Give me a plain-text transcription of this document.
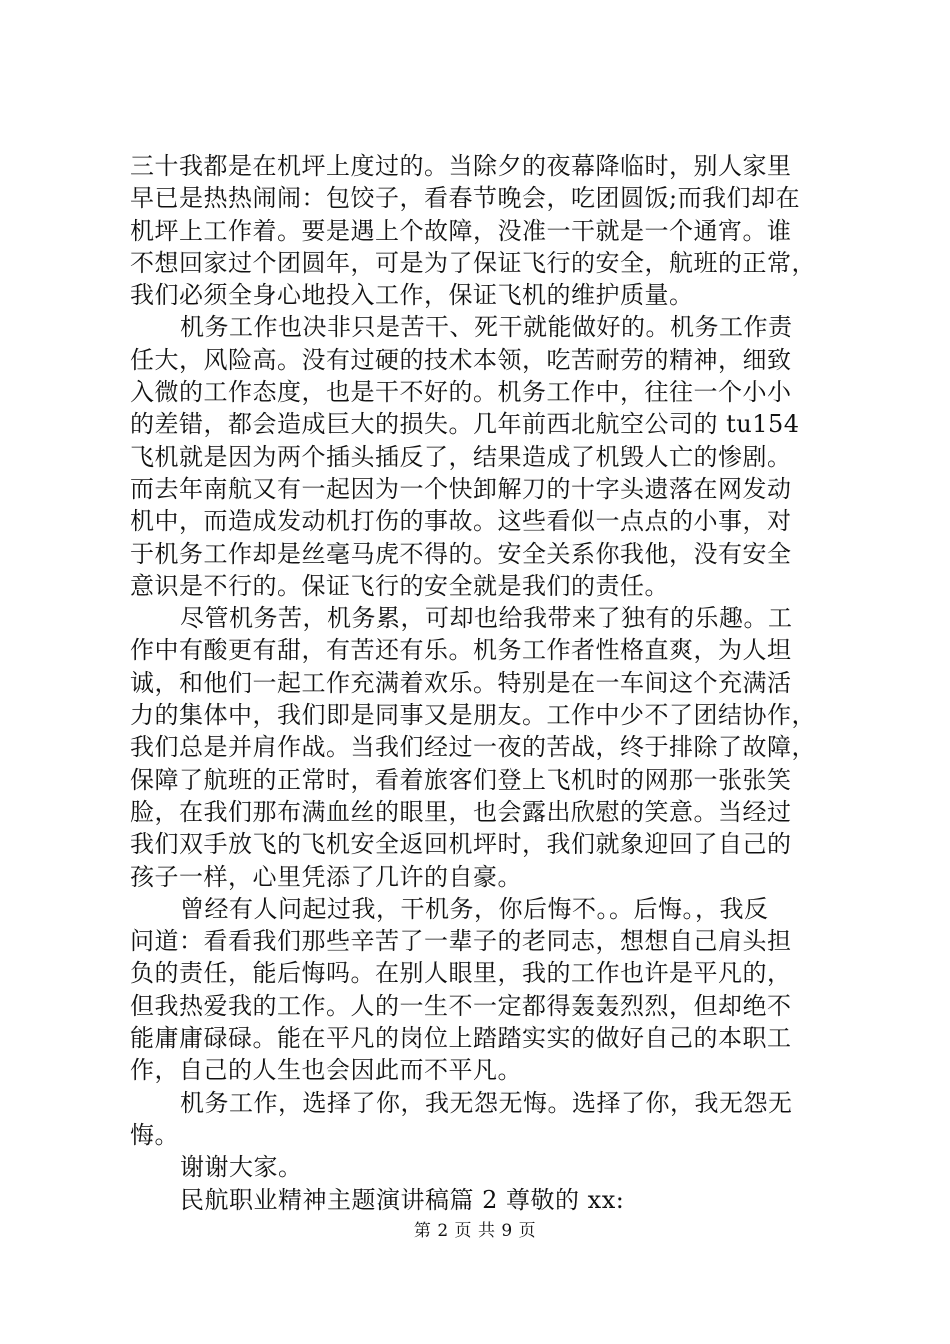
三十我都是在机坪上度过的。当除夕的夜幕降临时，别人家里
早已是热热闹闹：包饺子，看春节晚会，吃团圆饭;而我们却在
机坪上工作着。要是遇上个故障，没准一干就是一个通宵。谁
不想回家过个团圆年，可是为了保证飞行的安全，航班的正常，
我们必须全身心地投入工作，保证飞机的维护质量。
机务工作也决非只是苦干、死干就能做好的。机务工作责
任大，风险高。没有过硬的技术本领，吃苦耐劳的精神，细致
入微的工作态度，也是干不好的。机务工作中，往往一个小小
的差错，都会造成巨大的损失。几年前西北航空公司的 tu154
飞机就是因为两个插头插反了，结果造成了机毁人亡的惨剧。
而去年南航又有一起因为一个快卸解刀的十字头遗落在网发动
机中，而造成发动机打伤的事故。这些看似一点点的小事，对
于机务工作却是丝毫马虎不得的。安全关系你我他，没有安全
意识是不行的。保证飞行的安全就是我们的责任。
尽管机务苦，机务累，可却也给我带来了独有的乐趣。工
作中有酸更有甜，有苦还有乐。机务工作者性格直爽，为人坦
诚，和他们一起工作充满着欢乐。特别是在一车间这个充满活
力的集体中，我们即是同事又是朋友。工作中少不了团结协作，
我们总是并肩作战。当我们经过一夜的苦战，终于排除了故障，
保障了航班的正常时，看着旅客们登上飞机时的网那一张张笑
脸，在我们那布满血丝的眼里，也会露出欣慰的笑意。当经过
我们双手放飞的飞机安全返回机坪时，我们就象迎回了自己的
孩子一样，心里凭添了几许的自豪。
曾经有人问起过我，干机务，你后悔不。。后悔。，我反
问道：看看我们那些辛苦了一辈子的老同志，想想自己肩头担
负的责任，能后悔吗。在别人眼里，我的工作也许是平凡的，
但我热爱我的工作。人的一生不一定都得轰轰烈烈，但却绝不
能庸庸碌碌。能在平凡的岗位上踏踏实实的做好自己的本职工
作，自己的人生也会因此而不平凡。
机务工作，选择了你，我无怨无悔。选择了你，我无怨无
悔。
谢谢大家。
民航职业精神主题演讲稿篇 2 尊敬的 xx:
第 2 页 共 9 页
